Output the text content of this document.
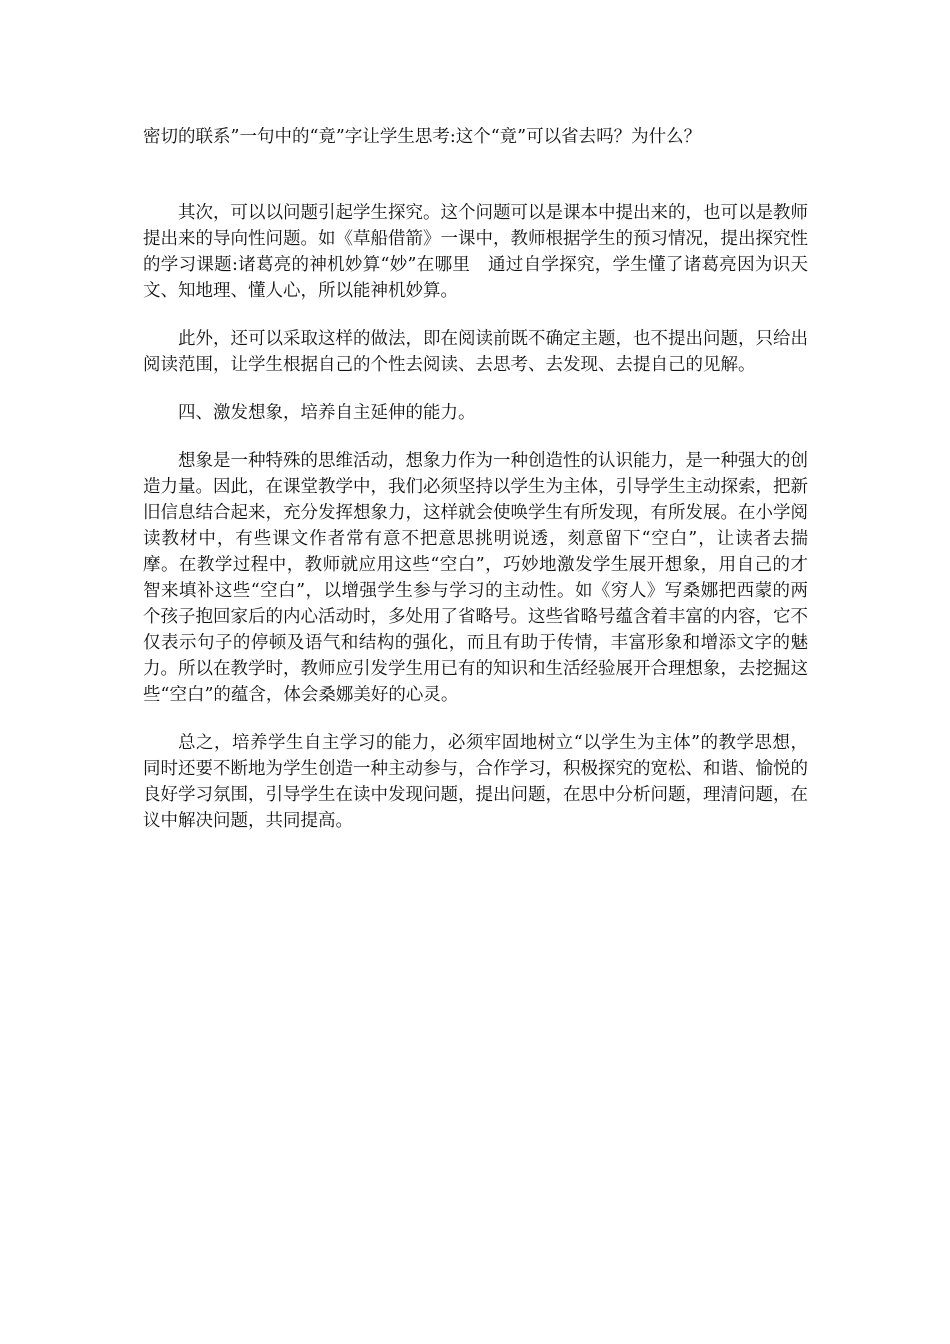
密切的联系”一句中的“竟”字让学生思考:这个“竟”可以省去吗？为什么？

其次，可以以问题引起学生探究。这个问题可以是课本中提出来的，也可以是教师提出来的导向性问题。如《草船借箭》一课中，教师根据学生的预习情况，提出探究性的学习课题:诸葛亮的神机妙算“妙”在哪里　通过自学探究，学生懂了诸葛亮因为识天文、知地理、懂人心，所以能神机妙算。

此外，还可以采取这样的做法，即在阅读前既不确定主题，也不提出问题，只给出阅读范围，让学生根据自己的个性去阅读、去思考、去发现、去提自己的见解。

四、激发想象，培养自主延伸的能力。

想象是一种特殊的思维活动，想象力作为一种创造性的认识能力，是一种强大的创造力量。因此，在课堂教学中，我们必须坚持以学生为主体，引导学生主动探索，把新旧信息结合起来，充分发挥想象力，这样就会使唤学生有所发现，有所发展。在小学阅读教材中，有些课文作者常有意不把意思挑明说透，刻意留下“空白”，让读者去揣摩。在教学过程中，教师就应用这些“空白”，巧妙地激发学生展开想象，用自己的才智来填补这些“空白”，以增强学生参与学习的主动性。如《穷人》写桑娜把西蒙的两个孩子抱回家后的内心活动时，多处用了省略号。这些省略号蕴含着丰富的内容，它不仅表示句子的停顿及语气和结构的强化，而且有助于传情，丰富形象和增添文字的魅力。所以在教学时，教师应引发学生用已有的知识和生活经验展开合理想象，去挖掘这些“空白”的蕴含，体会桑娜美好的心灵。

总之，培养学生自主学习的能力，必须牢固地树立“以学生为主体”的教学思想，同时还要不断地为学生创造一种主动参与，合作学习，积极探究的宽松、和谐、愉悦的良好学习氛围，引导学生在读中发现问题，提出问题，在思中分析问题，理清问题，在议中解决问题，共同提高。
